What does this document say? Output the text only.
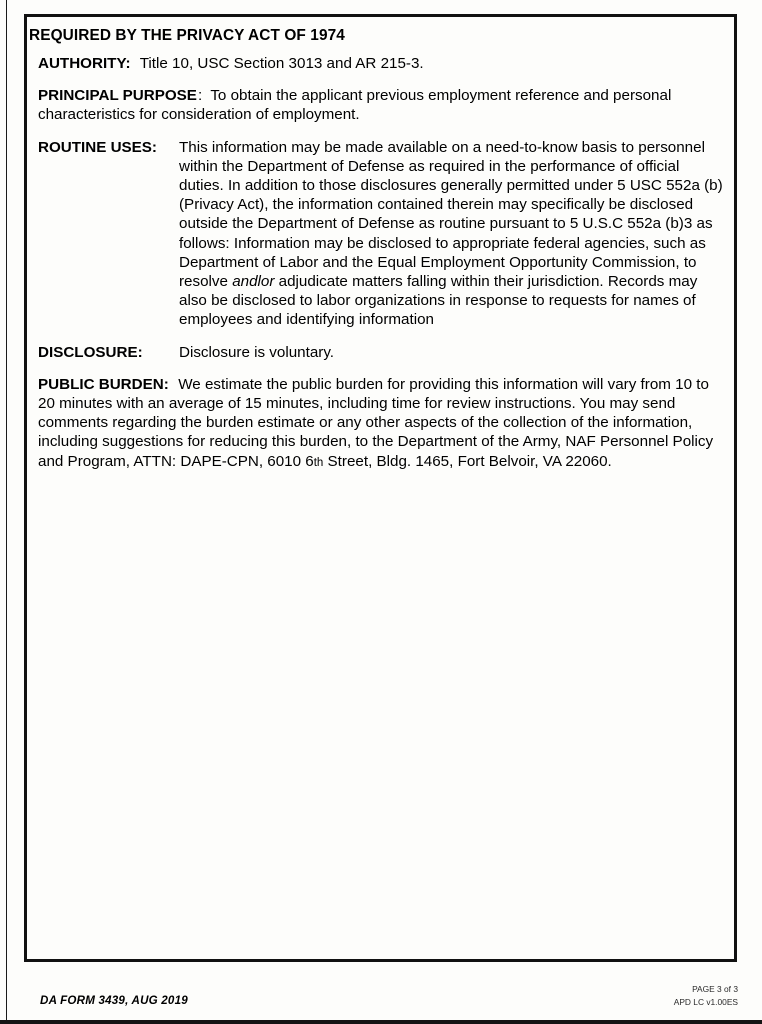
REQUIRED BY THE PRIVACY ACT OF 1974

AUTHORITY: Title 10, USC Section 3013 and AR 215-3.

PRINCIPAL PURPOSE: To obtain the applicant previous employment reference and personal characteristics for consideration of employment.

ROUTINE USES:	This information may be made available on a need-to-know basis to personnel within the Department of Defense as required in the performance of official duties. In addition to those disclosures generally permitted under 5 USC 552a (b) (Privacy Act), the information contained therein may specifically be disclosed outside the Department of Defense as routine pursuant to 5 U.S.C 552a (b)3 as follows: Information may be disclosed to appropriate federal agencies, such as Department of Labor and the Equal Employment Opportunity Commission, to resolve andlor adjudicate matters falling within their jurisdiction. Records may also be disclosed to labor organizations in response to requests for names of employees and identifying information
DISCLOSURE:	Disclosure is voluntary.

PUBLIC BURDEN: We estimate the public burden for providing this information will vary from 10 to 20 minutes with an average of 15 minutes, including time for review instructions. You may send comments regarding the burden estimate or any other aspects of the collection of the information, including suggestions for reducing this burden, to the Department of the Army, NAF Personnel Policy and Program, ATTN: DAPE-CPN, 6010 6th Street, Bldg. 1465, Fort Belvoir, VA 22060.

DA FORM 3439, AUG 2019
PAGE 3 of 3
APD LC v1.00ES
